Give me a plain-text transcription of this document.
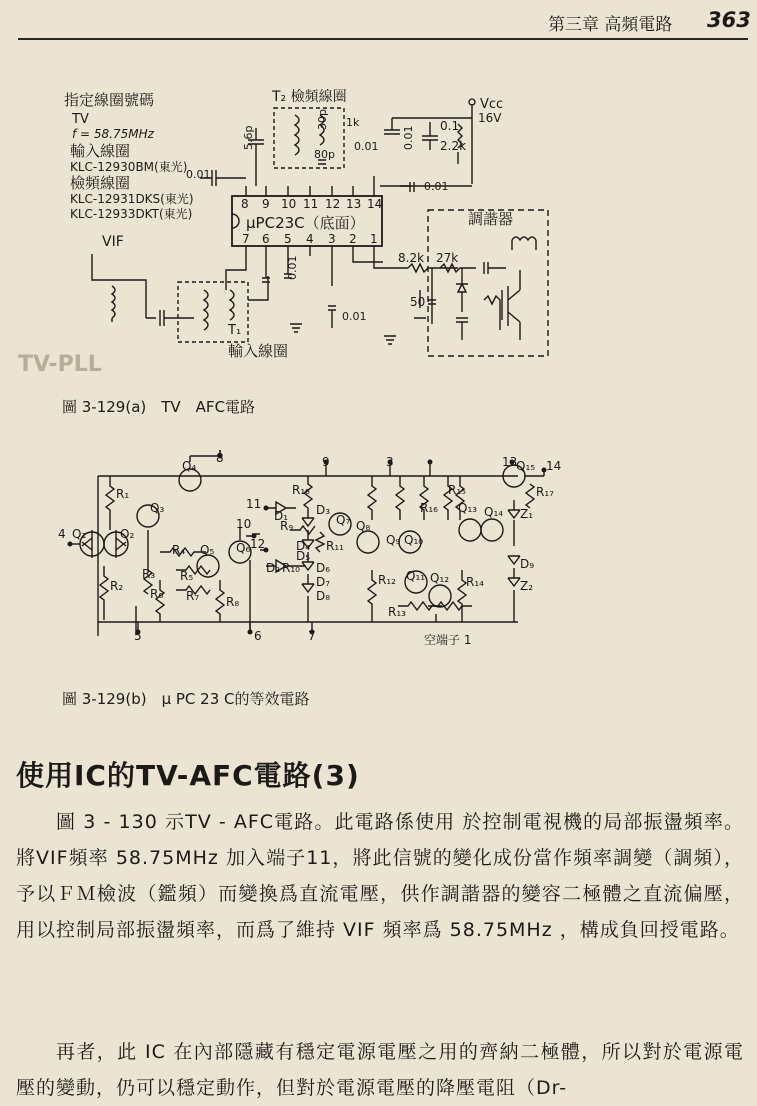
第三章 高頻電路 363
TV-PLL
指定線圈號碼
TV
f = 58.75MHz
輸入線圈
KLC-12930BM(東光)
檢頻線圈
KLC-12931DKS(東光)
KLC-12933DKT(東光)
T₂ 檢頻線圈	Vcc
16V
μPC23C（底面）	調諧器
VIF
T₁
輸入線圈
5.6p
30p
80p
1k
0.01 0.01 0.1
2.2k
0.01
0.01
0.01
0.01
8.2k 27k
50
8 9 10 11 12 13 14
7 6 5 4 3 2 1
圖 3-129(a)　TV　AFC電路
8	9	3	13 14
4
5	6	7
10
12
11
Q₁	Q₂
Q₃
Q₄
Q₅ Q₆
Q₇ Q₈
Q₉ Q₁₀
Q₁₁ Q₁₂
Q₁₃ Q₁₄
Q₁₅
R₁
R₂
R₃
R₄
R₅
R₆ R₇ R₈
R₉
R₁₀
R₁₁
R₁₂
R₁₃
R₁₄
R₁₅
R₁₆
R₁₇
R₁₈
D₁
D₂
D₃
D₄
D₅
D₆
D₇
D₈
D₉
Z₁
Z₂
空端子 1
圖 3-129(b)　μ PC 23 C的等效電路
使用IC的TV-AFC電路(3)

圖 3 - 130 示TV - AFC電路。此電路係使用 於控制電視機的局部振盪頻率。將VIF頻率 58.75MHz 加入端子11，將此信號的變化成份當作頻率調變（調頻），予以ＦＭ檢波（鑑頻）而變換爲直流電壓，供作調諧器的變容二極體之直流偏壓，用以控制局部振盪頻率，而爲了維持 VIF 頻率爲 58.75MHz ，構成負回授電路。

再者，此 IC 在內部隱藏有穩定電源電壓之用的齊納二極體，所以對於電源電壓的變動，仍可以穩定動作，但對於電源電壓的降壓電阻（Dr-
